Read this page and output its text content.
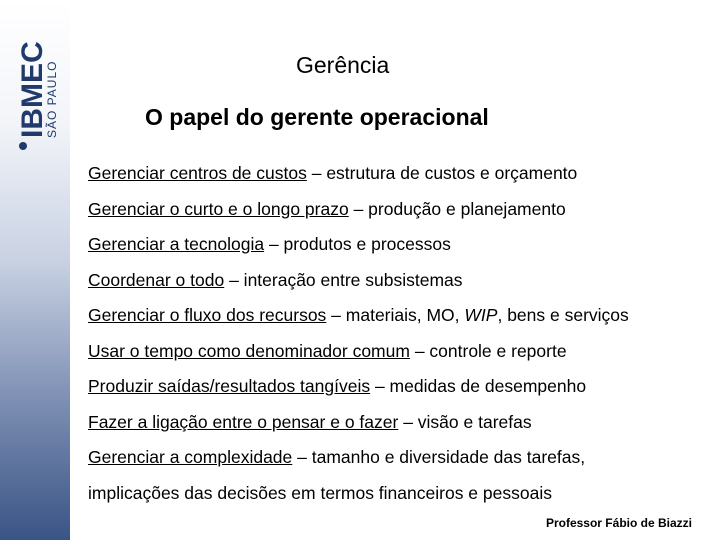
IBMEC
SÃO PAULO	Gerência
O papel do gerente operacional
Gerenciar centros de custos – estrutura de custos e orçamento
Gerenciar o curto e o longo prazo – produção e planejamento
Gerenciar a tecnologia – produtos e processos
Coordenar o todo – interação entre subsistemas
Gerenciar o fluxo dos recursos – materiais, MO, WIP, bens e serviços
Usar o tempo como denominador comum – controle e reporte
Produzir saídas/resultados tangíveis – medidas de desempenho
Fazer a ligação entre o pensar e o fazer – visão e tarefas
Gerenciar a complexidade – tamanho e diversidade das tarefas,
implicações das decisões em termos financeiros e pessoais
Professor Fábio de Biazzi
